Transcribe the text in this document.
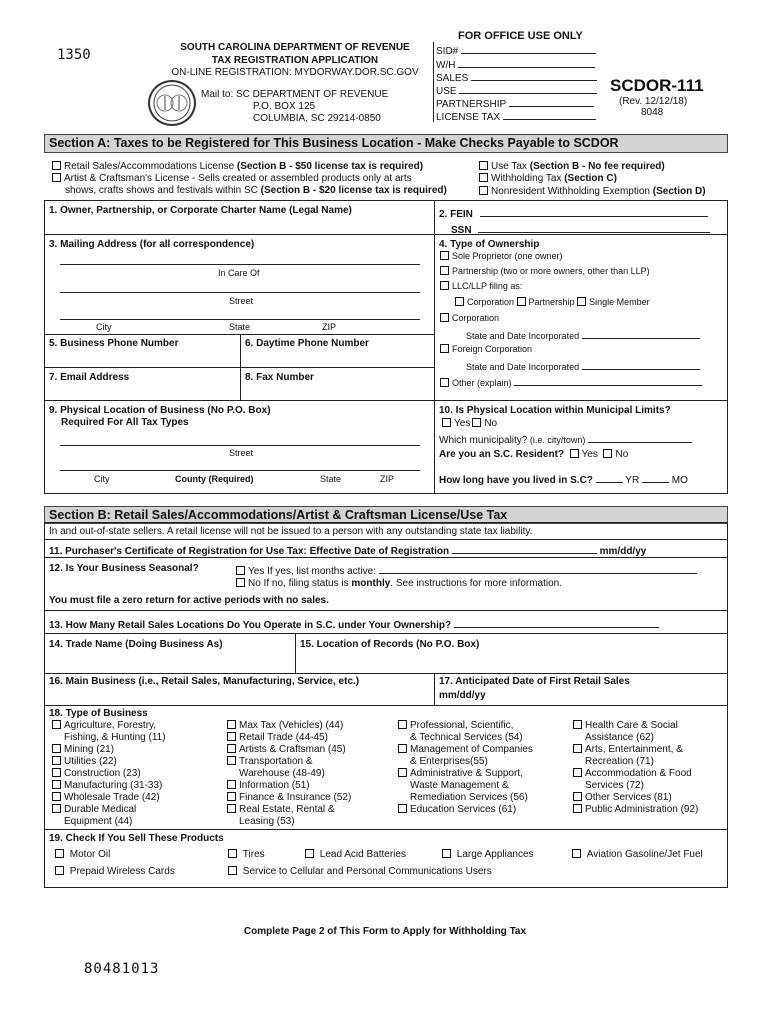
1350	SOUTH CAROLINA DEPARTMENT OF REVENUE
TAX REGISTRATION APPLICATION
ON-LINE REGISTRATION: MYDORWAY.DOR.SC.GOV
Mail to: SC DEPARTMENT OF REVENUE
P.O. BOX 125
COLUMBIA, SC 29214-0850
FOR OFFICE USE ONLY
SID#
W/H
SALES
USE
PARTNERSHIP
LICENSE TAX
SCDOR-111
(Rev. 12/12/18)
8048
Section A: Taxes to be Registered for This Business Location - Make Checks Payable to SCDOR
Retail Sales/Accommodations License (Section B - $50 license tax is required)
Artist & Craftsman's License - Sells created or assembled products only at arts
shows, crafts shows and festivals within SC (Section B - $20 license tax is required)
Use Tax (Section B - No fee required)
Withholding Tax (Section C)
Nonresident Withholding Exemption (Section D)
1. Owner, Partnership, or Corporate Charter Name (Legal Name)	2. FEIN
SSN
3. Mailing Address (for all correspondence)
In Care Of
Street
City	State	ZIP
4. Type of Ownership
Sole Proprietor (one owner)
Partnership (two or more owners, other than LLP)
LLC/LLP filing as:
Corporation Partnership Single Member
Corporation
State and Date Incorporated
Foreign Corporation
State and Date Incorporated
Other (explain)
5. Business Phone Number	6. Daytime Phone Number
7. Email Address	8. Fax Number
9. Physical Location of Business (No P.O. Box)
Required For All Tax Types
Street
City	County (Required)	State	ZIP
10. Is Physical Location within Municipal Limits?
Yes No
Which municipality? (i.e. city/town)
Are you an S.C. Resident? Yes No
How long have you lived in S.C?	YR	MO
Section B: Retail Sales/Accommodations/Artist & Craftsman License/Use Tax
In and out-of-state sellers. A retail license will not be issued to a person with any outstanding state tax liability.
11. Purchaser's Certificate of Registration for Use Tax: Effective Date of Registration	mm/dd/yy
12. Is Your Business Seasonal?	Yes If yes, list months active:
No If no, filing status is monthly. See instructions for more information.
You must file a zero return for active periods with no sales.
13. How Many Retail Sales Locations Do You Operate in S.C. under Your Ownership?
14. Trade Name (Doing Business As)	15. Location of Records (No P.O. Box)
16. Main Business (i.e., Retail Sales, Manufacturing, Service, etc.)	17. Anticipated Date of First Retail Sales
mm/dd/yy
18. Type of Business
Agriculture, Forestry,
Fishing, & Hunting (11)
Mining (21)
Utilities (22)
Construction (23)
Manufacturing (31-33)
Wholesale Trade (42)
Durable Medical
Equipment (44)
Max Tax (Vehicles) (44)
Retail Trade (44-45)
Artists & Craftsman (45)
Transportation &
Warehouse (48-49)
Information (51)
Finance & Insurance (52)
Real Estate, Rental &
Leasing (53)
Professional, Scientific,
& Technical Services (54)
Management of Companies
& Enterprises(55)
Administrative & Support,
Waste Management &
Remediation Services (56)
Education Services (61)
Health Care & Social
Assistance (62)
Arts, Entertainment, &
Recreation (71)
Accommodation & Food
Services (72)
Other Services (81)
Public Administration (92)
19. Check If You Sell These Products
Motor Oil	Tires	Lead Acid Batteries	Large Appliances	Aviation Gasoline/Jet Fuel
Prepaid Wireless Cards	Service to Cellular and Personal Communications Users
Complete Page 2 of This Form to Apply for Withholding Tax
80481013
